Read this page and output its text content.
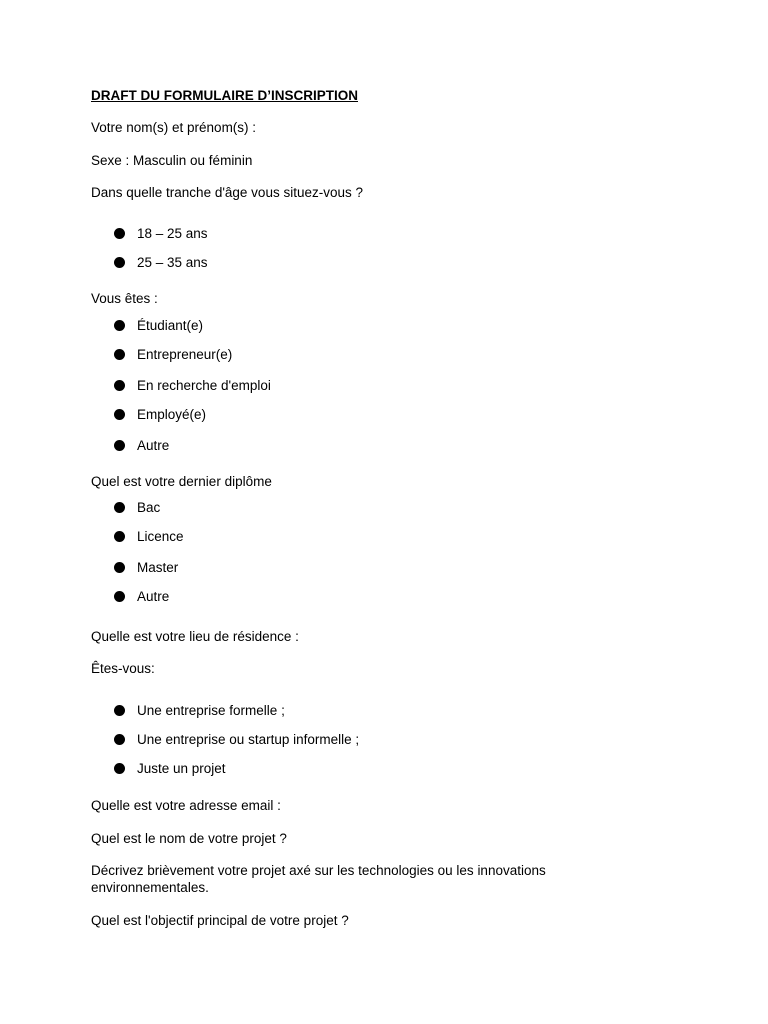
DRAFT DU FORMULAIRE D’INSCRIPTION
Votre nom(s) et prénom(s) :
Sexe : Masculin ou féminin
Dans quelle tranche d'âge vous situez-vous ?
18 – 25 ans
25 – 35 ans
Vous êtes :
Étudiant(e)
Entrepreneur(e)
En recherche d'emploi
Employé(e)
Autre
Quel est votre dernier diplôme
Bac
Licence
Master
Autre
Quelle est votre lieu de résidence :
Êtes-vous:
Une entreprise formelle ;
Une entreprise ou startup informelle ;
Juste un projet
Quelle est votre adresse email :
Quel est le nom de votre projet ?
Décrivez brièvement votre projet axé sur les technologies ou les innovations environnementales.
Quel est l'objectif principal de votre projet ?
